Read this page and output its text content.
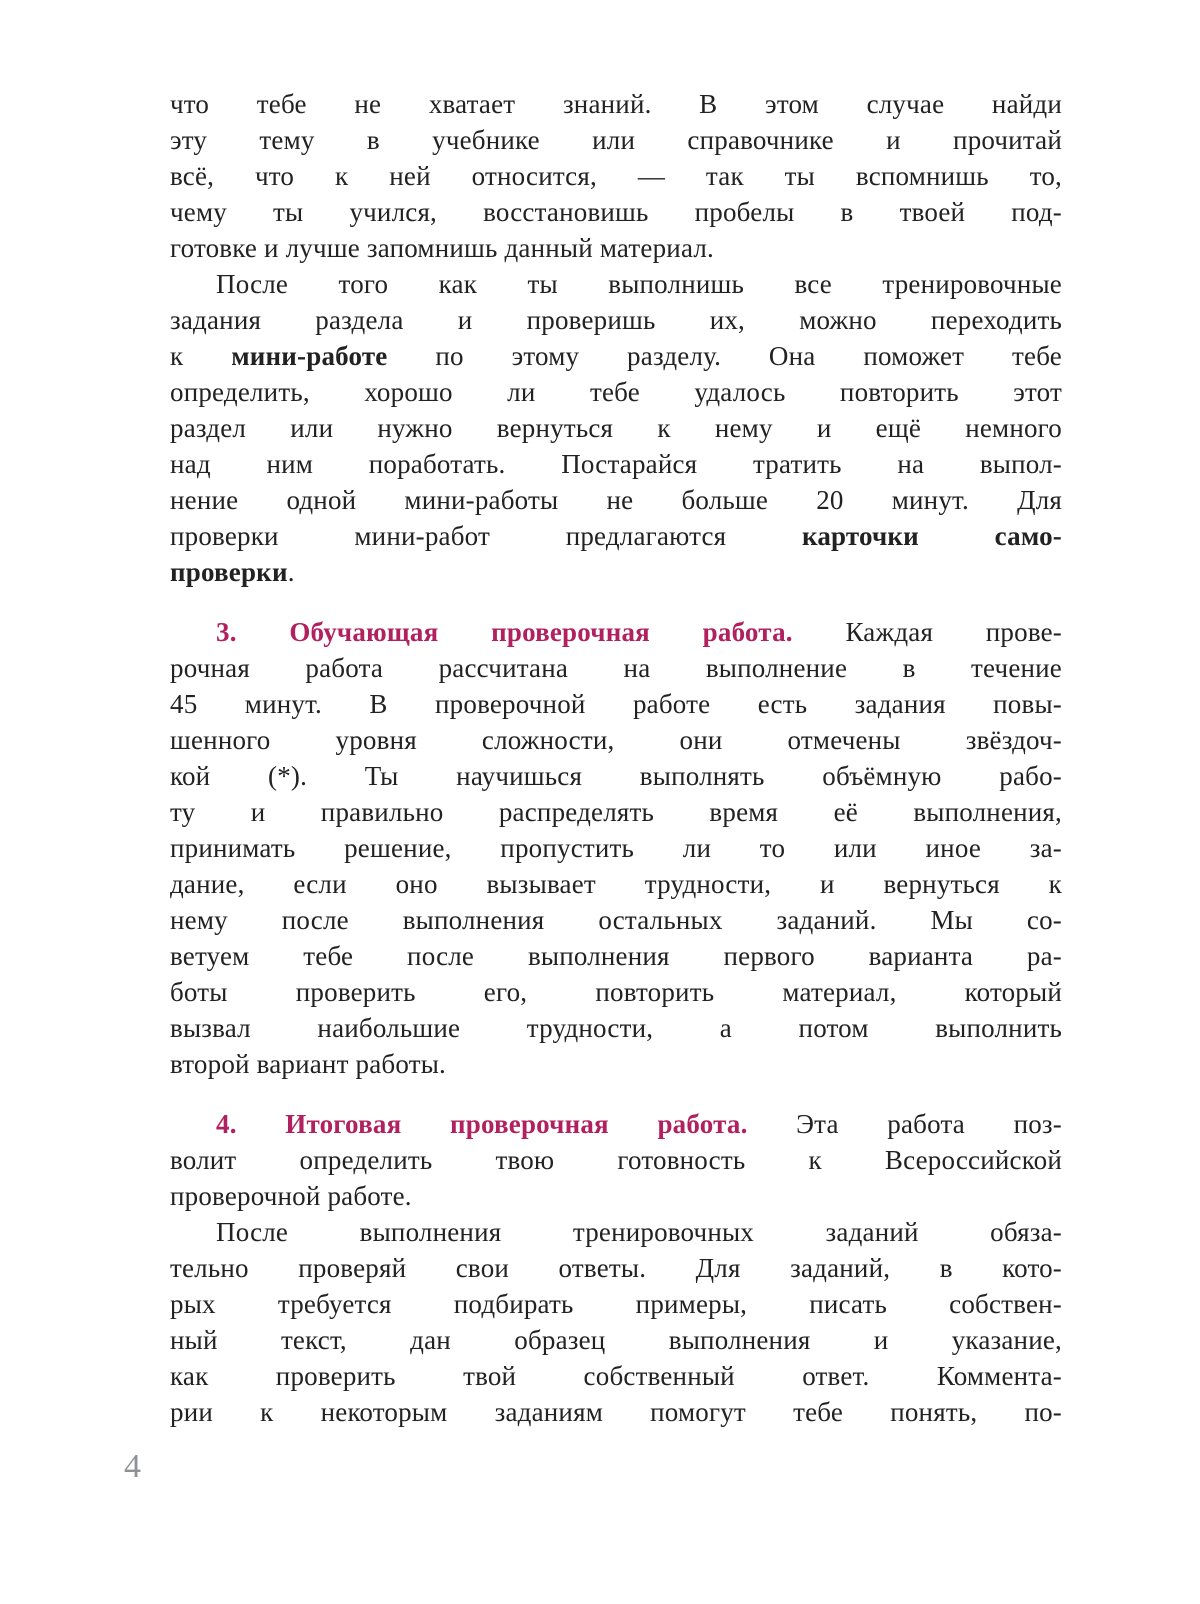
что тебе не хватает знаний. В этом случае найди
эту тему в учебнике или справочнике и прочитай
всё, что к ней относится, — так ты вспомнишь то,
чему ты учился, восстановишь пробелы в твоей под-
готовке и лучше запомнишь данный материал.
После того как ты выполнишь все тренировочные
задания раздела и проверишь их, можно переходить
к мини-работе по этому разделу. Она поможет тебе
определить, хорошо ли тебе удалось повторить этот
раздел или нужно вернуться к нему и ещё немного
над ним поработать. Постарайся тратить на выпол-
нение одной мини-работы не больше 20 минут. Для
проверки мини-работ предлагаются карточки само-
проверки.
3. Обучающая проверочная работа. Каждая прове-
рочная работа рассчитана на выполнение в течение
45 минут. В проверочной работе есть задания повы-
шенного уровня сложности, они отмечены звёздоч-
кой (*). Ты научишься выполнять объёмную рабо-
ту и правильно распределять время её выполнения,
принимать решение, пропустить ли то или иное за-
дание, если оно вызывает трудности, и вернуться к
нему после выполнения остальных заданий. Мы со-
ветуем тебе после выполнения первого варианта ра-
боты проверить его, повторить материал, который
вызвал наибольшие трудности, а потом выполнить
второй вариант работы.
4. Итоговая проверочная работа. Эта работа поз-
волит определить твою готовность к Всероссийской
проверочной работе.
После выполнения тренировочных заданий обяза-
тельно проверяй свои ответы. Для заданий, в кото-
рых требуется подбирать примеры, писать собствен-
ный текст, дан образец выполнения и указание,
как проверить твой собственный ответ. Коммента-
рии к некоторым заданиям помогут тебе понять, по-
4
